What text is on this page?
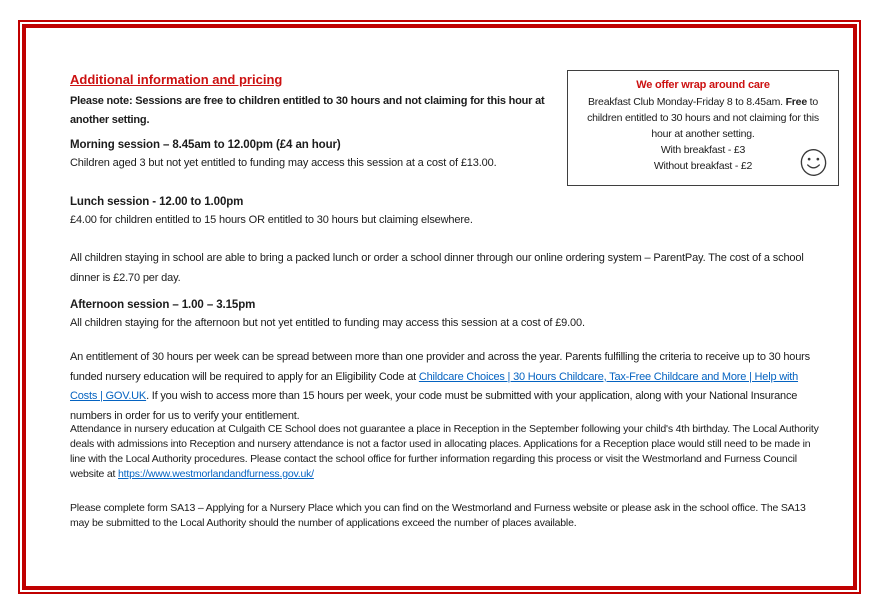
Additional information and pricing
Please note: Sessions are free to children entitled to 30 hours and not claiming for this hour at another setting.
Morning session – 8.45am to 12.00pm (£4 an hour)
Children aged 3 but not yet entitled to funding may access this session at a cost of £13.00.
Lunch session - 12.00 to 1.00pm
£4.00 for children entitled to 15 hours OR entitled to 30 hours but claiming elsewhere.
All children staying in school are able to bring a packed lunch or order a school dinner through our online ordering system – ParentPay. The cost of a school dinner is £2.70 per day.
Afternoon session – 1.00 – 3.15pm
All children staying for the afternoon but not yet entitled to funding may access this session at a cost of £9.00.
An entitlement of 30 hours per week can be spread between more than one provider and across the year. Parents fulfilling the criteria to receive up to 30 hours funded nursery education will be required to apply for an Eligibility Code at Childcare Choices | 30 Hours Childcare, Tax-Free Childcare and More | Help with Costs | GOV.UK. If you wish to access more than 15 hours per week, your code must be submitted with your application, along with your National Insurance numbers in order for us to verify your entitlement.
Attendance in nursery education at Culgaith CE School does not guarantee a place in Reception in the September following your child's 4th birthday. The Local Authority deals with admissions into Reception and nursery attendance is not a factor used in allocating places. Applications for a Reception place would still need to be made in line with the Local Authority procedures. Please contact the school office for further information regarding this process or visit the Westmorland and Furness Council website at https://www.westmorlandandfurness.gov.uk/
Please complete form SA13 – Applying for a Nursery Place which you can find on the Westmorland and Furness website or please ask in the school office. The SA13 may be submitted to the Local Authority should the number of applications exceed the number of places available.
We offer wrap around care
Breakfast Club Monday-Friday 8 to 8.45am. Free to children entitled to 30 hours and not claiming for this hour at another setting.
With breakfast - £3
Without breakfast - £2
